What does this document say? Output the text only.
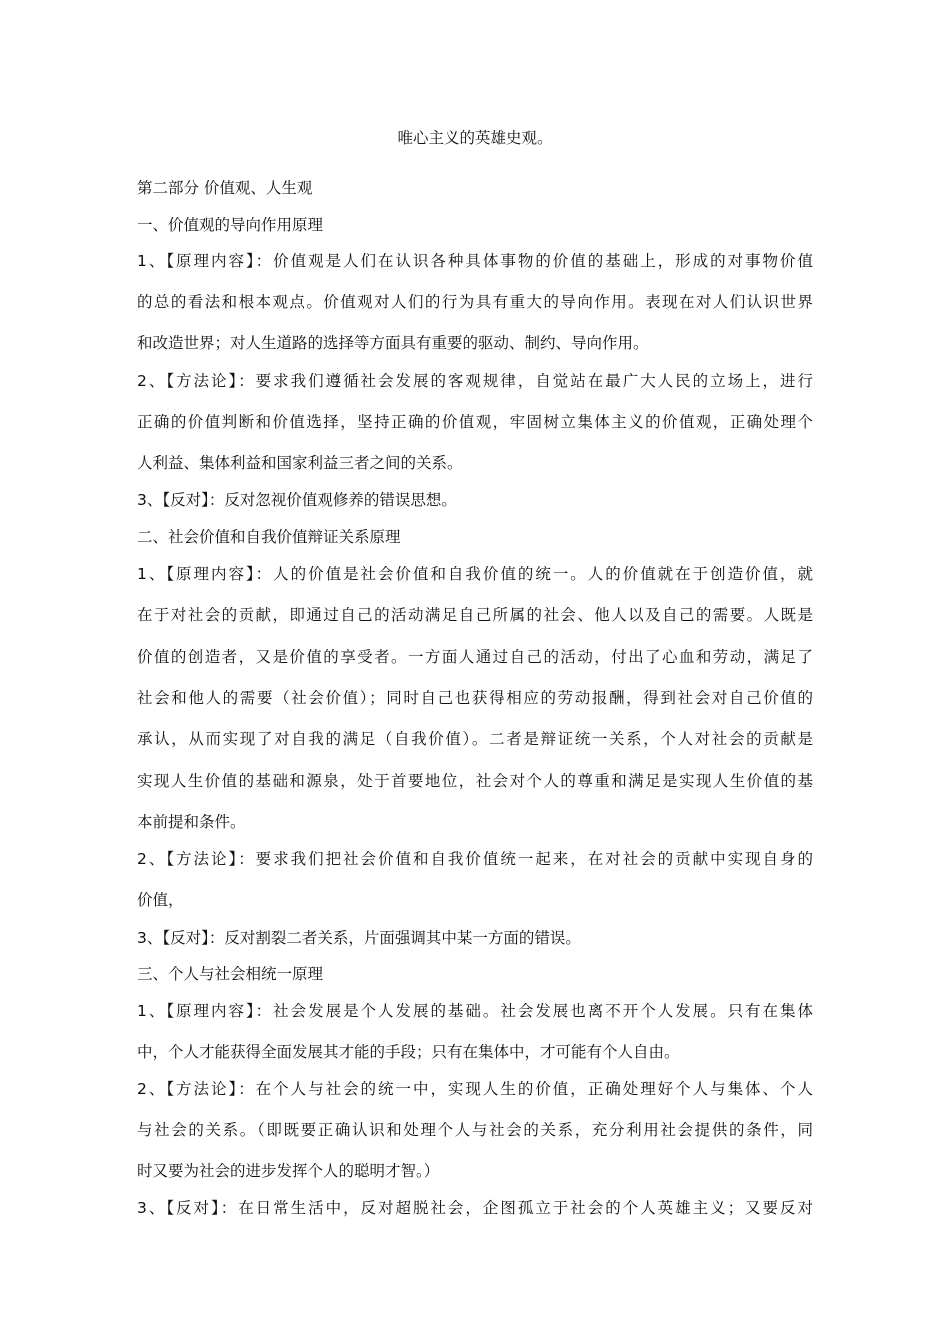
唯心主义的英雄史观。
第二部分 价值观、人生观
一、价值观的导向作用原理
1、【原理内容】：价值观是人们在认识各种具体事物的价值的基础上，形成的对事物价值
的总的看法和根本观点。价值观对人们的行为具有重大的导向作用。表现在对人们认识世界
和改造世界；对人生道路的选择等方面具有重要的驱动、制约、导向作用。
2、【方法论】：要求我们遵循社会发展的客观规律，自觉站在最广大人民的立场上，进行
正确的价值判断和价值选择，坚持正确的价值观，牢固树立集体主义的价值观，正确处理个
人利益、集体利益和国家利益三者之间的关系。
3、【反对】：反对忽视价值观修养的错误思想。
二、社会价值和自我价值辩证关系原理
1、【原理内容】：人的价值是社会价值和自我价值的统一。人的价值就在于创造价值，就
在于对社会的贡献，即通过自己的活动满足自己所属的社会、他人以及自己的需要。人既是
价值的创造者，又是价值的享受者。一方面人通过自己的活动，付出了心血和劳动，满足了
社会和他人的需要（社会价值）；同时自己也获得相应的劳动报酬，得到社会对自己价值的
承认，从而实现了对自我的满足（自我价值）。二者是辩证统一关系，个人对社会的贡献是
实现人生价值的基础和源泉，处于首要地位，社会对个人的尊重和满足是实现人生价值的基
本前提和条件。
2、【方法论】：要求我们把社会价值和自我价值统一起来，在对社会的贡献中实现自身的
价值，
3、【反对】：反对割裂二者关系，片面强调其中某一方面的错误。
三、个人与社会相统一原理
1、【原理内容】：社会发展是个人发展的基础。社会发展也离不开个人发展。只有在集体
中，个人才能获得全面发展其才能的手段；只有在集体中，才可能有个人自由。
2、【方法论】：在个人与社会的统一中，实现人生的价值，正确处理好个人与集体、个人
与社会的关系。（即既要正确认识和处理个人与社会的关系，充分利用社会提供的条件，同
时又要为社会的进步发挥个人的聪明才智。）
3、【反对】：在日常生活中，反对超脱社会，企图孤立于社会的个人英雄主义；又要反对
